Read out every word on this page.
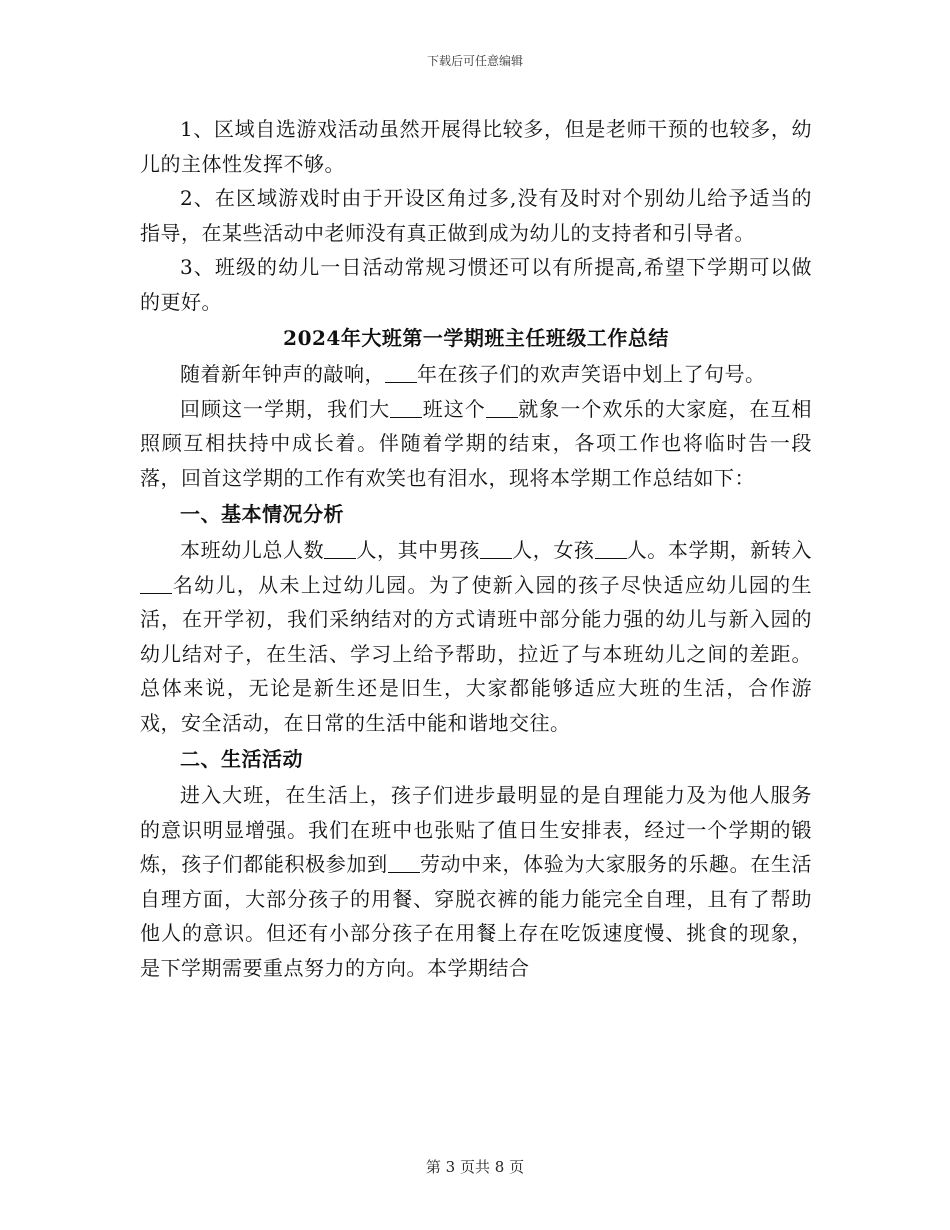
下载后可任意编辑

1、区域自选游戏活动虽然开展得比较多，但是老师干预的也较多，幼儿的主体性发挥不够。

2、在区域游戏时由于开设区角过多,没有及时对个别幼儿给予适当的指导，在某些活动中老师没有真正做到成为幼儿的支持者和引导者。

3、班级的幼儿一日活动常规习惯还可以有所提高,希望下学期可以做的更好。

2024年大班第一学期班主任班级工作总结

随着新年钟声的敲响， 年在孩子们的欢声笑语中划上了句号。

回顾这一学期，我们大 班这个 就象一个欢乐的大家庭，在互相照顾互相扶持中成长着。伴随着学期的结束，各项工作也将临时告一段落，回首这学期的工作有欢笑也有泪水，现将本学期工作总结如下：

一、基本情况分析

本班幼儿总人数 人，其中男孩 人，女孩 人。本学期，新转入名幼儿，从未上过幼儿园。为了使新入园的孩子尽快适应幼儿园的生活，在开学初，我们采纳结对的方式请班中部分能力强的幼儿与新入园的幼儿结对子，在生活、学习上给予帮助，拉近了与本班幼儿之间的差距。总体来说，无论是新生还是旧生，大家都能够适应大班的生活，合作游戏，安全活动，在日常的生活中能和谐地交往。

二、生活活动

进入大班，在生活上，孩子们进步最明显的是自理能力及为他人服务的意识明显增强。我们在班中也张贴了值日生安排表，经过一个学期的锻炼，孩子们都能积极参加到 劳动中来，体验为大家服务的乐趣。在生活自理方面，大部分孩子的用餐、穿脱衣裤的能力能完全自理，且有了帮助他人的意识。但还有小部分孩子在用餐上存在吃饭速度慢、挑食的现象，是下学期需要重点努力的方向。本学期结合

第 3 页共 8 页
